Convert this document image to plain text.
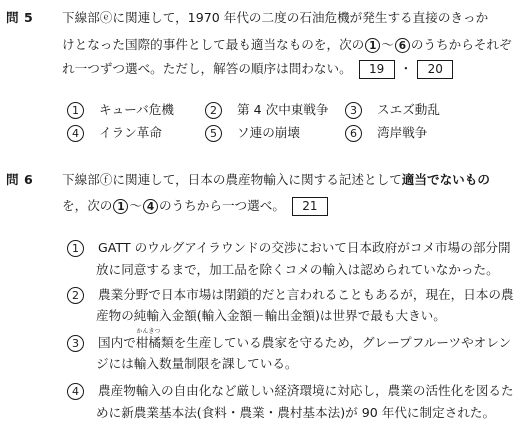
問 5 下線部ⓔに関連して，1970 年代の二度の石油危機が発生する直接のきっか
けとなった国際的事件として最も適当なものを，次の 1 〜 6 のうちからそれぞ
れ一つずつ選べ。ただし，解答の順序は問わない。 19 ・ 20
1	キューバ危機	2	第 4 次中東戦争	3	スエズ動乱
4	イラン革命	5	ソ連の崩壊	6	湾岸戦争
問 6 下線部ⓕに関連して，日本の農産物輸入に関する記述として適当でないもの
を，次の 1 〜 4 のうちから一つ選べ。 21
1	GATT のウルグアイラウンドの交渉において日本政府がコメ市場の部分開
放に同意するまで，加工品を除くコメの輸入は認められていなかった。
2	農業分野で日本市場は閉鎖的だと言われることもあるが，現在，日本の農
産物の純輸入金額(輸入金額－輸出金額)は世界で最も大きい。
3	国内で
かんきつ
柑橘類を生産している農家を守るため，グレープフルーツやオレン
ジには輸入数量制限を課している。
4	農産物輸入の自由化など厳しい経済環境に対応し，農業の活性化を図るた
めに新農業基本法(食料・農業・農村基本法)が 90 年代に制定された。
